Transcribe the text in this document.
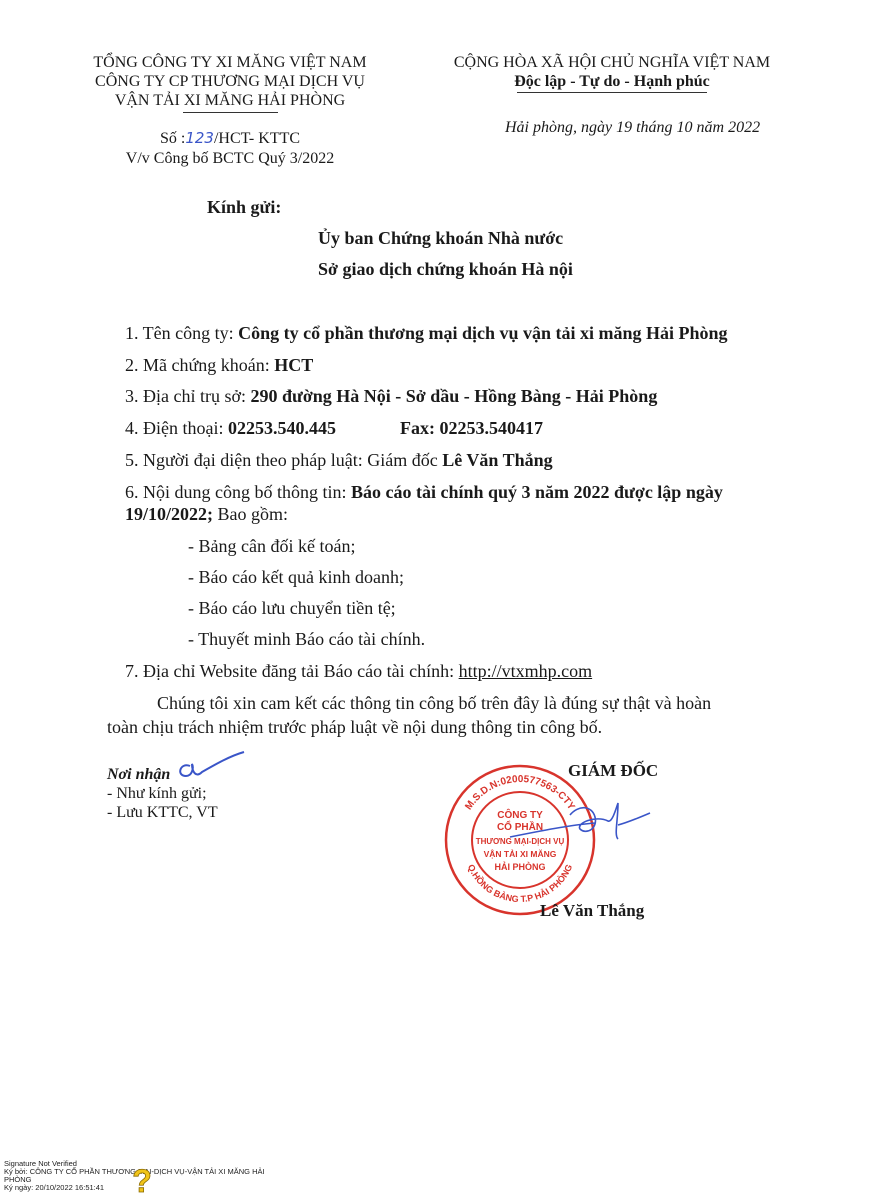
TỔNG CÔNG TY XI MĂNG VIỆT NAM
CÔNG TY CP THƯƠNG MẠI DỊCH VỤ
VẬN TẢI XI MĂNG HẢI PHÒNG
Số :123/HCT- KTTC
V/v Công bố BCTC Quý 3/2022
CỘNG HÒA XÃ HỘI CHỦ NGHĨA VIỆT NAM
Độc lập - Tự do - Hạnh phúc
Hải phòng, ngày 19 tháng 10 năm 2022
Kính gửi:
Ủy ban Chứng khoán Nhà nước
Sở giao dịch chứng khoán Hà nội
1. Tên công ty: Công ty cổ phần thương mại dịch vụ vận tải xi măng Hải Phòng
2. Mã chứng khoán: HCT
3. Địa chỉ trụ sở: 290 đường Hà Nội - Sở dầu - Hồng Bàng - Hải Phòng
4. Điện thoại: 02253.540.445	Fax: 02253.540417
5. Người đại diện theo pháp luật: Giám đốc Lê Văn Thắng
6. Nội dung công bố thông tin: Báo cáo tài chính quý 3 năm 2022 được lập ngày
19/10/2022; Bao gồm:
- Bảng cân đối kế toán;
- Báo cáo kết quả kinh doanh;
- Báo cáo lưu chuyển tiền tệ;
- Thuyết minh Báo cáo tài chính.
7. Địa chỉ Website đăng tải Báo cáo tài chính: http://vtxmhp.com
Chúng tôi xin cam kết các thông tin công bố trên đây là đúng sự thật và hoàn
toàn chịu trách nhiệm trước pháp luật về nội dung thông tin công bố.
Nơi nhận
- Như kính gửi;
- Lưu KTTC, VT
GIÁM ĐỐC
M.S.D.N:0200577563-CTY
Q.HỒNG BÀNG T.P HẢI PHÒNG
CÔNG TY
CỔ PHẦN
THƯƠNG MẠI-DỊCH VỤ
VẬN TẢI XI MĂNG
HẢI PHÒNG
Lê Văn Thắng
Signature Not Verified
Ký bởi: CÔNG TY CỔ PHẦN THƯƠNG MẠI-DỊCH VỤ-VẬN TẢI XI MĂNG HẢI
PHÒNG
Ký ngày: 20/10/2022 16:51:41 ?
